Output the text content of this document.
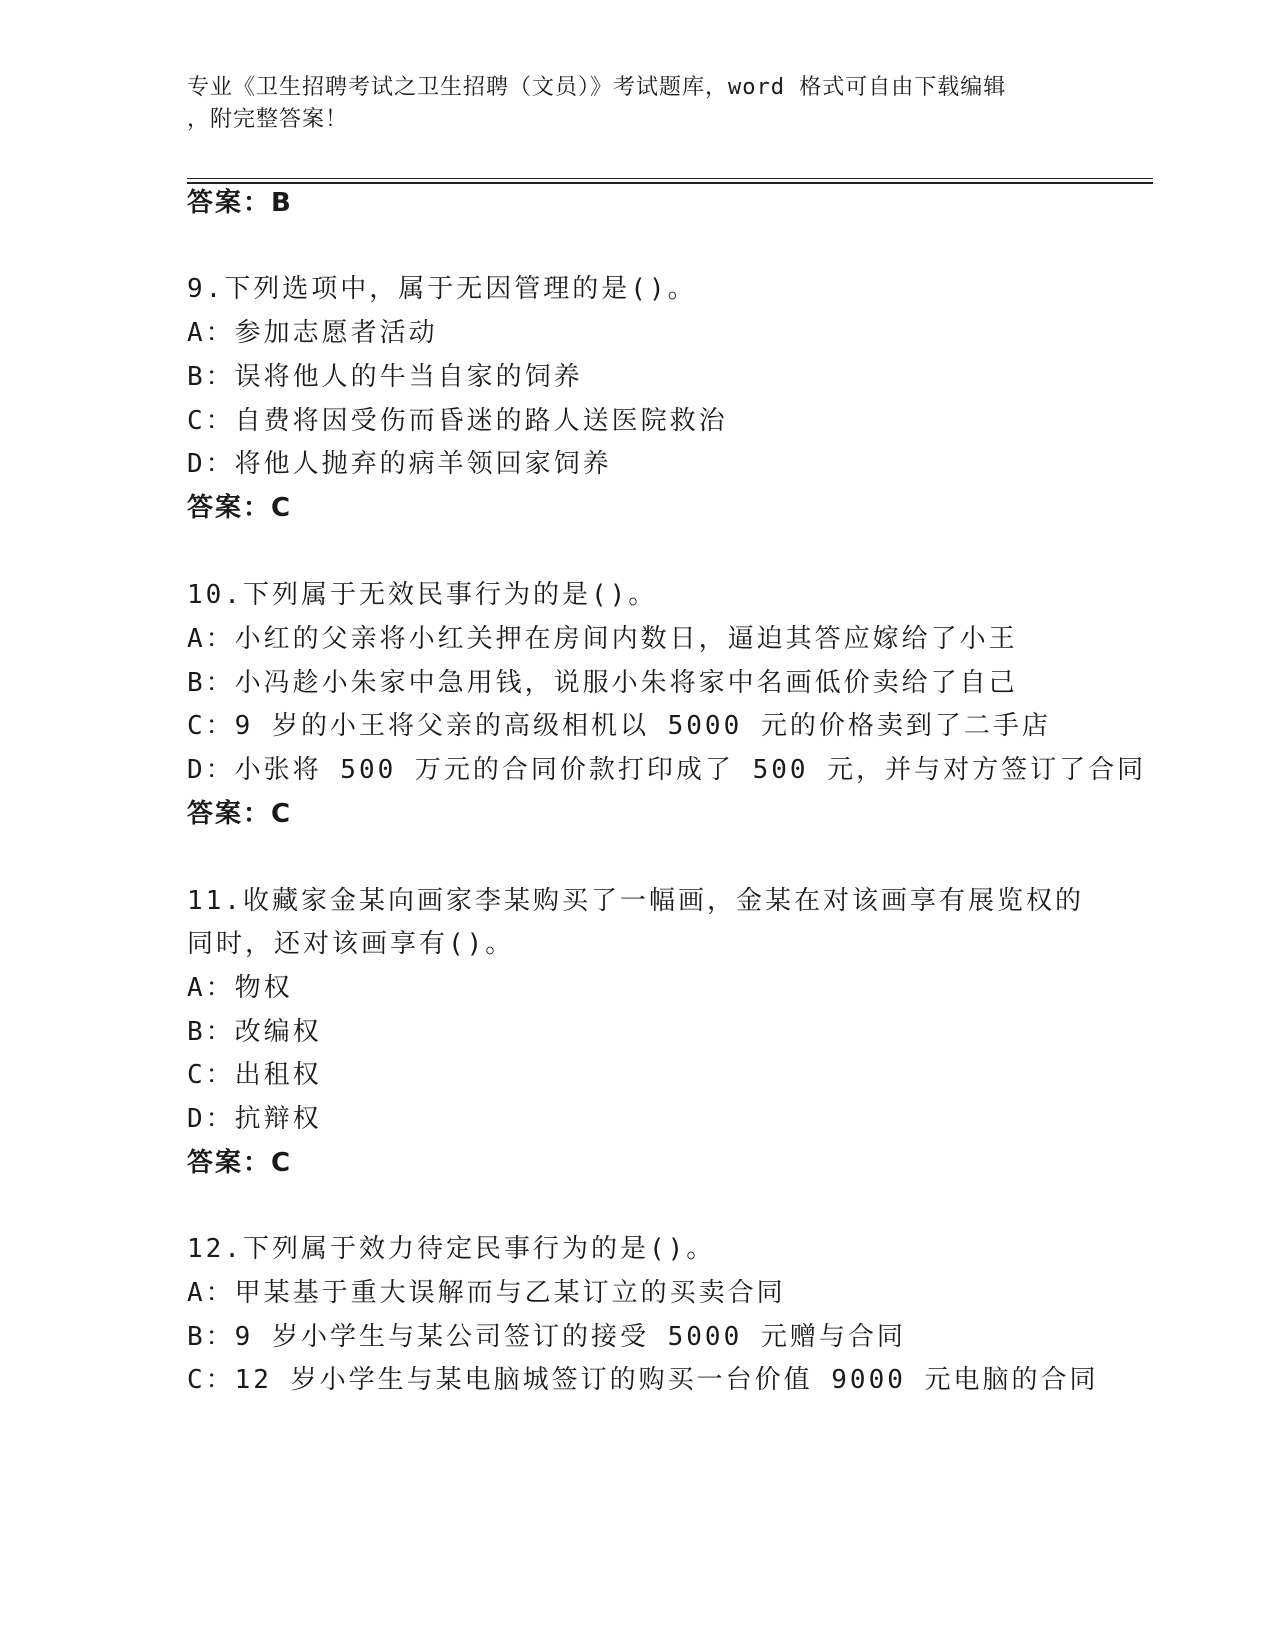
专业《卫生招聘考试之卫生招聘（文员）》考试题库，word 格式可自由下载编辑
，附完整答案！
答案：B
9.下列选项中，属于无因管理的是()。
A：参加志愿者活动
B：误将他人的牛当自家的饲养
C：自费将因受伤而昏迷的路人送医院救治
D：将他人抛弃的病羊领回家饲养
答案：C
10.下列属于无效民事行为的是()。
A：小红的父亲将小红关押在房间内数日，逼迫其答应嫁给了小王
B：小冯趁小朱家中急用钱，说服小朱将家中名画低价卖给了自己
C：9 岁的小王将父亲的高级相机以 5000 元的价格卖到了二手店
D：小张将 500 万元的合同价款打印成了 500 元，并与对方签订了合同
答案：C
11.收藏家金某向画家李某购买了一幅画，金某在对该画享有展览权的
同时，还对该画享有()。
A：物权
B：改编权
C：出租权
D：抗辩权
答案：C
12.下列属于效力待定民事行为的是()。
A：甲某基于重大误解而与乙某订立的买卖合同
B：9 岁小学生与某公司签订的接受 5000 元赠与合同
C：12 岁小学生与某电脑城签订的购买一台价值 9000 元电脑的合同
